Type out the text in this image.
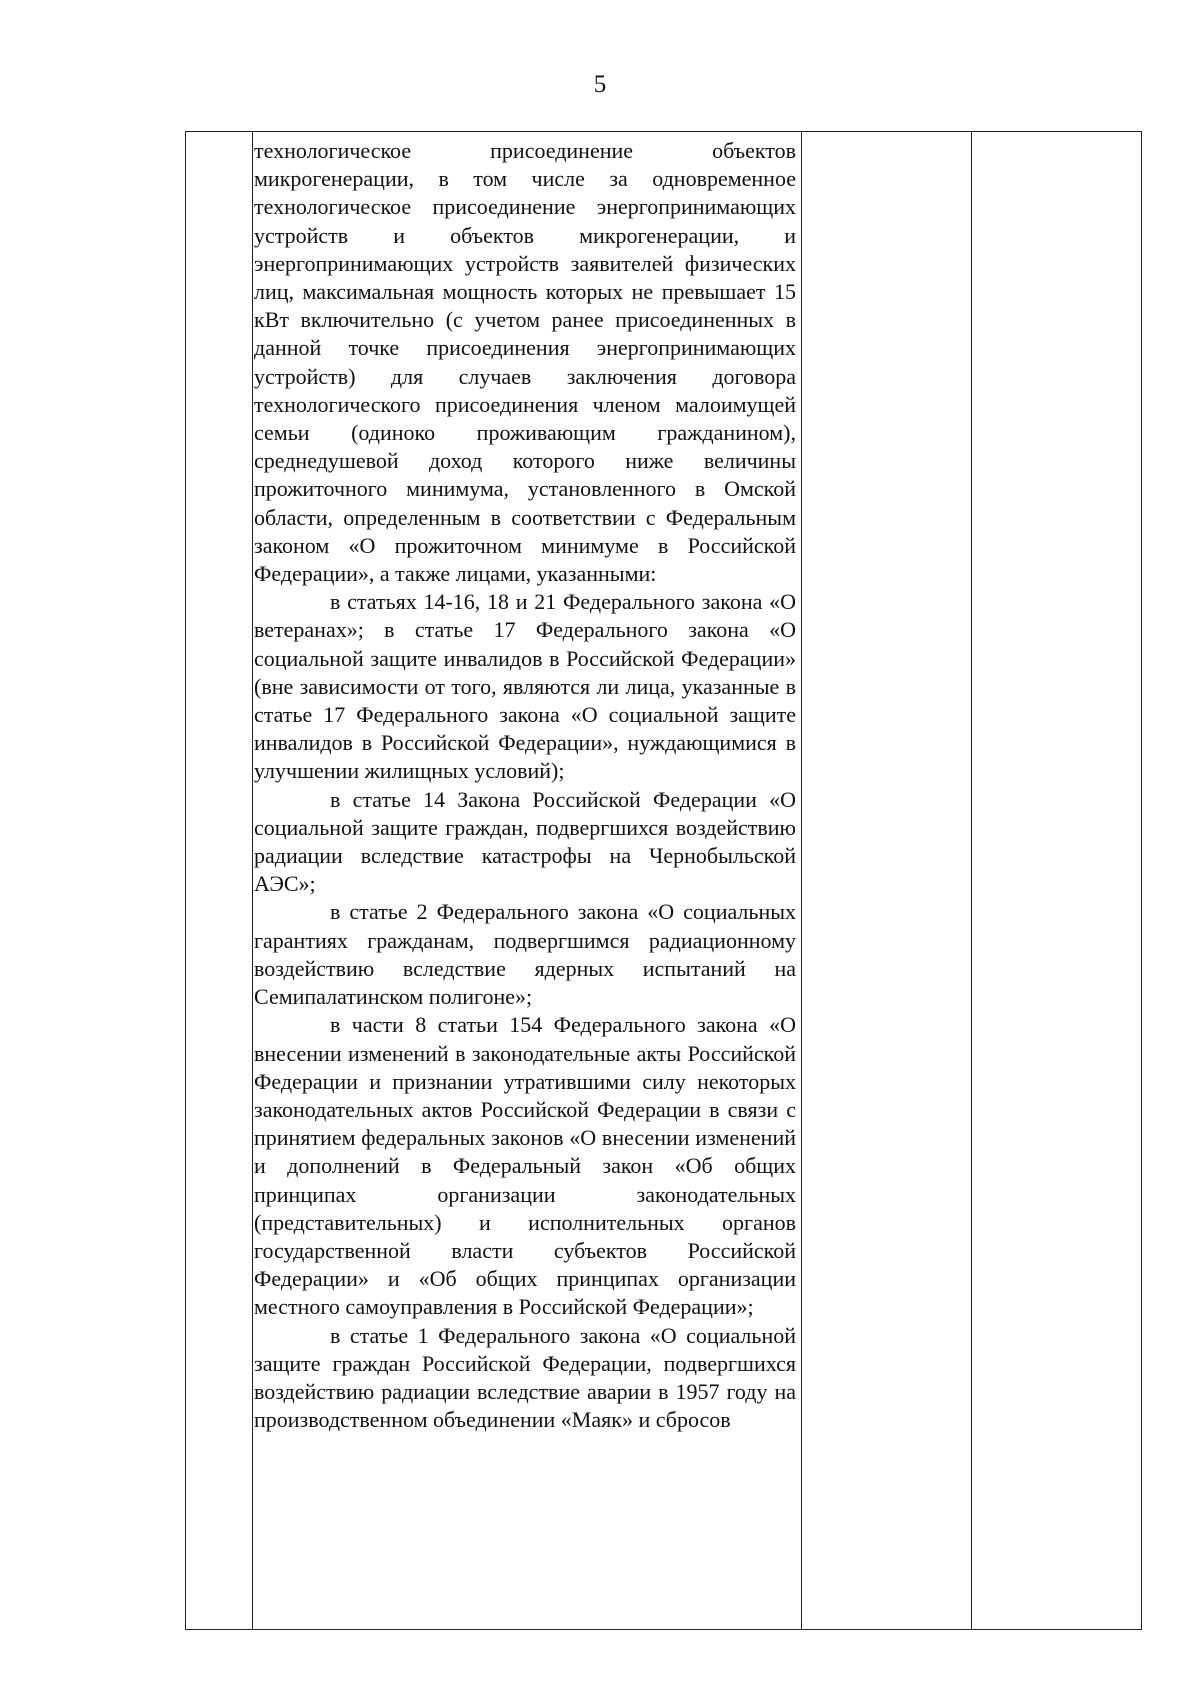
5

технологическое присоединение объектов микрогенерации, в том числе за одновременное технологическое присоединение энергопринимающих устройств и объектов микрогенерации, и энергопринимающих устройств заявителей физических лиц, максимальная мощность которых не превышает 15 кВт включительно (с учетом ранее присоединенных в данной точке присоединения энергопринимающих устройств) для случаев заключения договора технологического присоединения членом малоимущей семьи (одиноко проживающим гражданином), среднедушевой доход которого ниже величины прожиточного минимума, установленного в Омской области, определенным в соответствии с Федеральным законом «О прожиточном минимуме в Российской Федерации», а также лицами, указанными:

в статьях 14-16, 18 и 21 Федерального закона «О ветеранах»; в статье 17 Федерального закона «О социальной защите инвалидов в Российской Федерации» (вне зависимости от того, являются ли лица, указанные в статье 17 Федерального закона «О социальной защите инвалидов в Российской Федерации», нуждающимися в улучшении жилищных условий);

в статье 14 Закона Российской Федерации «О социальной защите граждан, подвергшихся воздействию радиации вследствие катастрофы на Чернобыльской АЭС»;

в статье 2 Федерального закона «О социальных гарантиях гражданам, подвергшимся радиационному воздействию вследствие ядерных испытаний на Семипалатинском полигоне»;

в части 8 статьи 154 Федерального закона «О внесении изменений в законодательные акты Российской Федерации и признании утратившими силу некоторых законодательных актов Российской Федерации в связи с принятием федеральных законов «О внесении изменений и дополнений в Федеральный закон «Об общих принципах организации законодательных (представительных) и исполнительных органов государственной власти субъектов Российской Федерации» и «Об общих принципах организации местного самоуправления в Российской Федерации»;

в статье 1 Федерального закона «О социальной защите граждан Российской Федерации, подвергшихся воздействию радиации вследствие аварии в 1957 году на производственном объединении «Маяк» и сбросов
